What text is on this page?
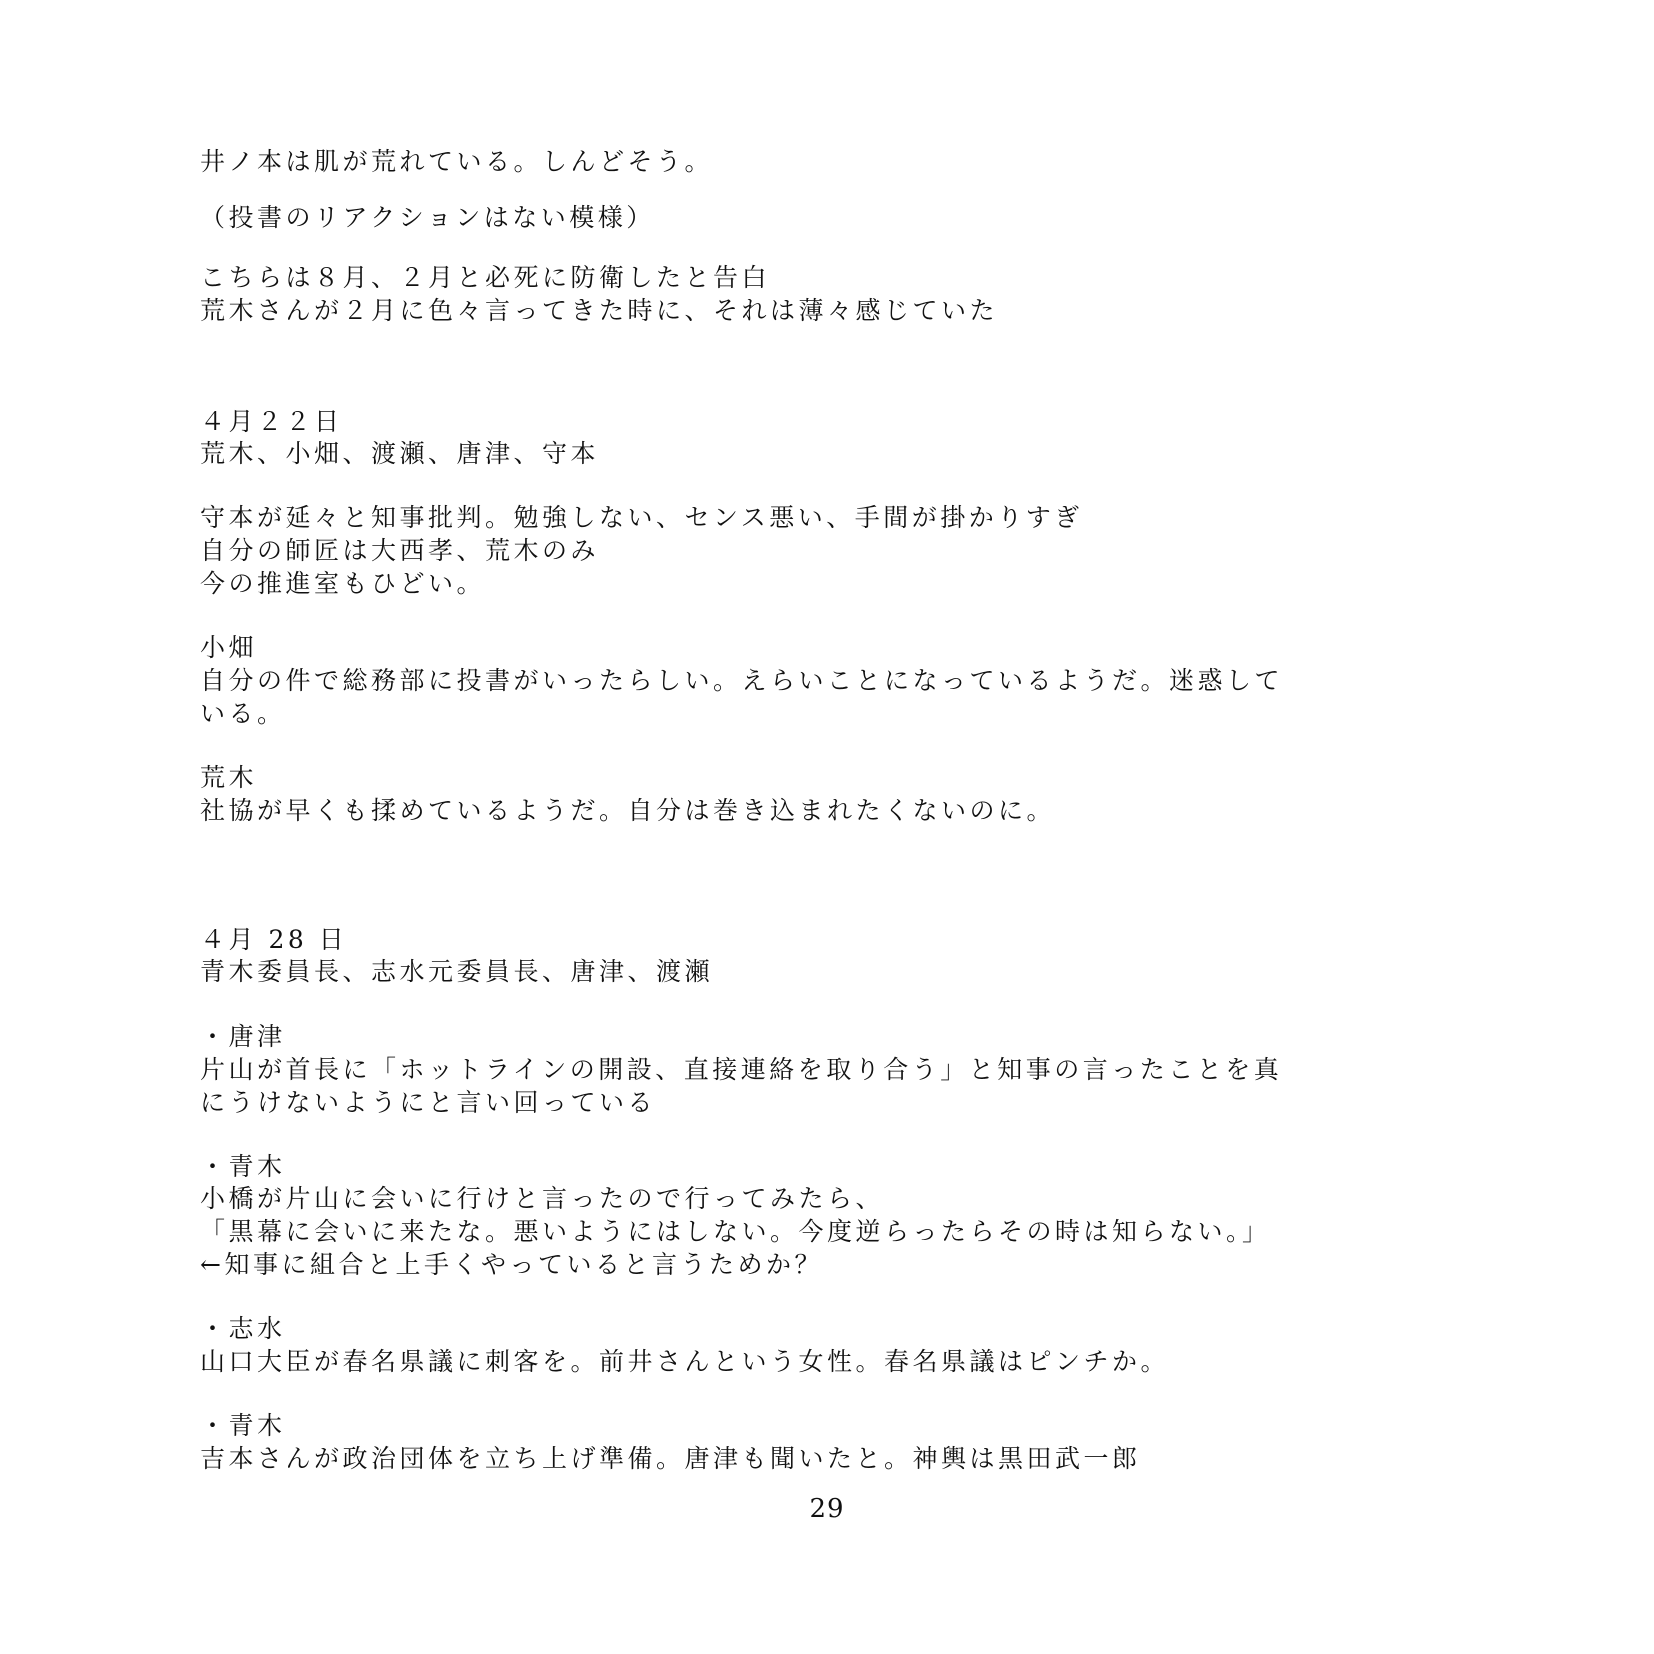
井ノ本は肌が荒れている。しんどそう。
（投書のリアクションはない模様）
こちらは８月、２月と必死に防衛したと告白
荒木さんが２月に色々言ってきた時に、それは薄々感じていた
４月２２日
荒木、小畑、渡瀬、唐津、守本
守本が延々と知事批判。勉強しない、センス悪い、手間が掛かりすぎ
自分の師匠は大西孝、荒木のみ
今の推進室もひどい。
小畑
自分の件で総務部に投書がいったらしい。えらいことになっているようだ。迷惑して
いる。
荒木
社協が早くも揉めているようだ。自分は巻き込まれたくないのに。
４月 28 日
青木委員長、志水元委員長、唐津、渡瀬
・唐津
片山が首長に「ホットラインの開設、直接連絡を取り合う」と知事の言ったことを真
にうけないようにと言い回っている
・青木
小橋が片山に会いに行けと言ったので行ってみたら、
「黒幕に会いに来たな。悪いようにはしない。今度逆らったらその時は知らない。」
←知事に組合と上手くやっていると言うためか？
・志水
山口大臣が春名県議に刺客を。前井さんという女性。春名県議はピンチか。
・青木
吉本さんが政治団体を立ち上げ準備。唐津も聞いたと。神輿は黒田武一郎
29
